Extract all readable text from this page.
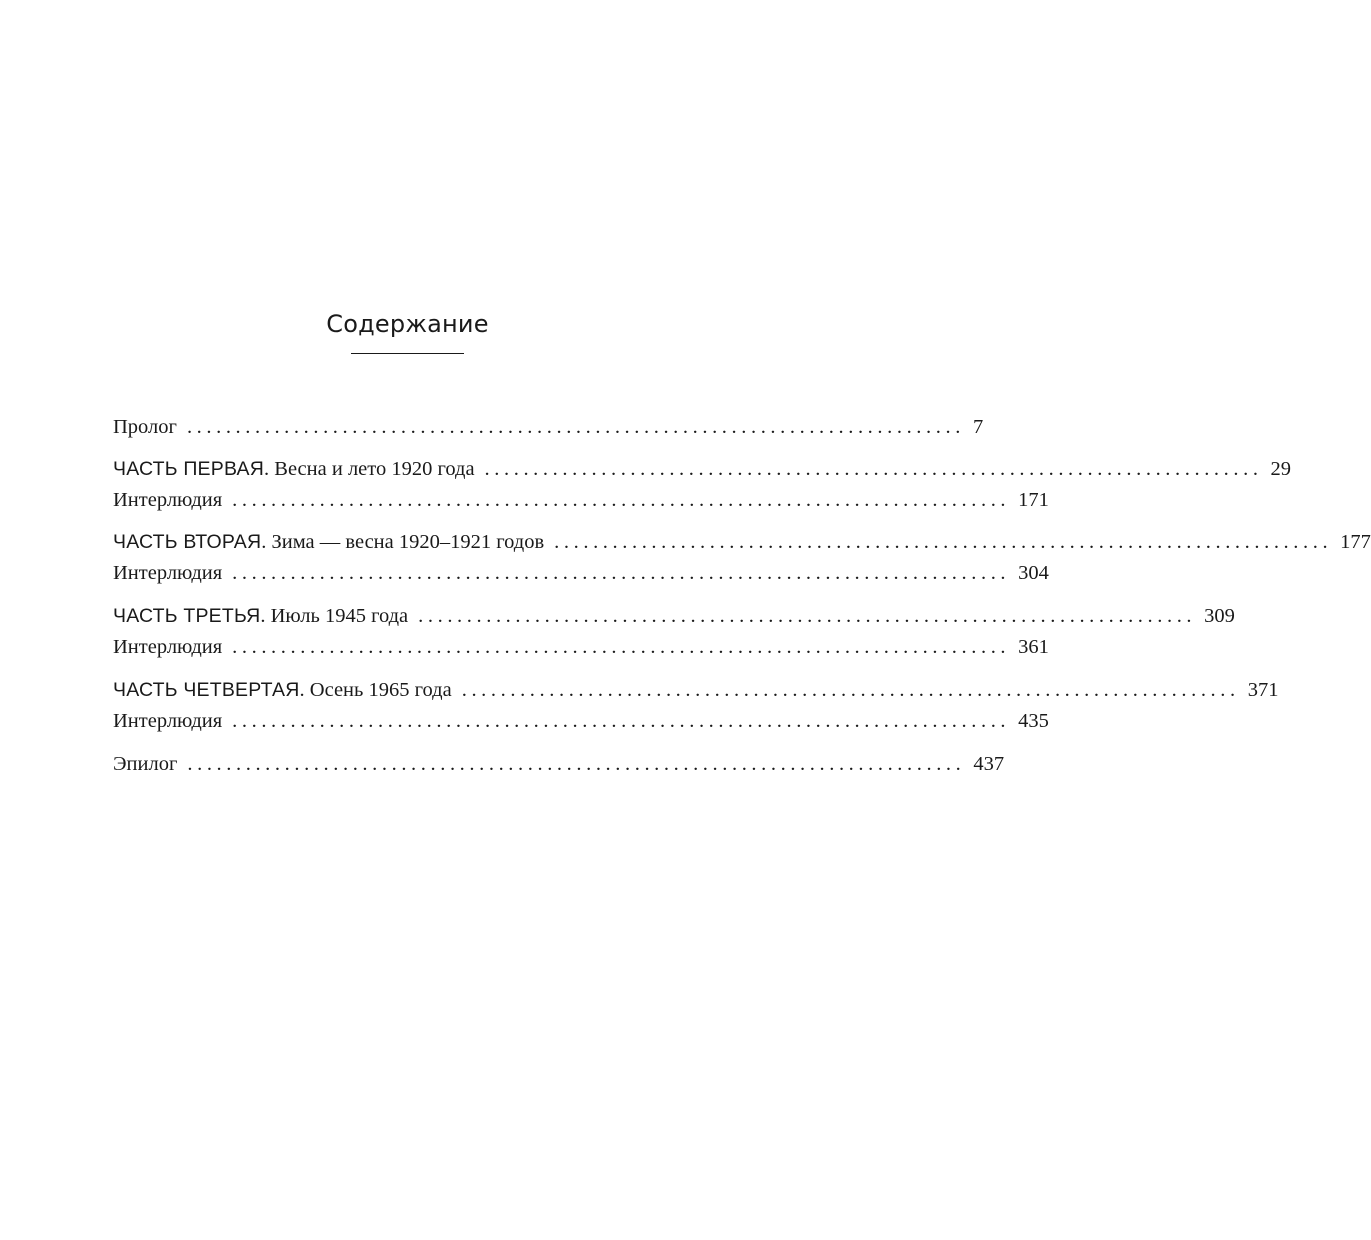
Содержание
Пролог ................................................................................ 7
ЧАСТЬ ПЕРВАЯ . Весна и лето 1920 года ................................................................................ 29
Интерлюдия ................................................................................ 171
ЧАСТЬ ВТОРАЯ . Зима — весна 1920–1921 годов ................................................................................ 177
Интерлюдия ................................................................................ 304
ЧАСТЬ ТРЕТЬЯ . Июль 1945 года ................................................................................ 309
Интерлюдия ................................................................................ 361
ЧАСТЬ ЧЕТВЕРТАЯ . Осень 1965 года ................................................................................ 371
Интерлюдия ................................................................................ 435
Эпилог ................................................................................ 437
